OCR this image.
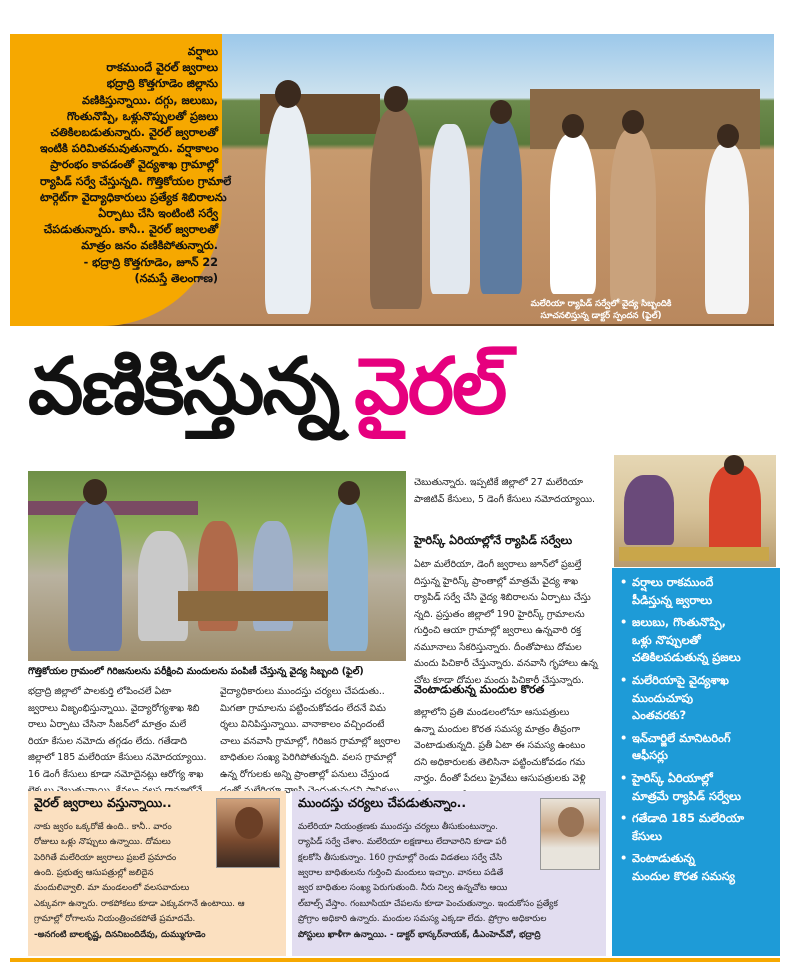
వర్షాలు
రాకముందే వైరల్ జ్వరాలు
భద్రాద్రి కొత్తగూడెం జిల్లాను
వణికిస్తున్నాయి. దగ్గు, జలుబు,
గొంతునొప్పి, ఒళ్లునొప్పులతో ప్రజలు
చతికిలబడుతున్నారు. వైరల్ జ్వరాలతో
ఇంటికి పరిమితమవుతున్నారు. వర్షాకాలం
ప్రారంభం కావడంతో వైద్యశాఖ గ్రామాల్లో
ర్యాపిడ్ సర్వే చేస్తున్నది. గొత్తికోయల గ్రామాలే
టార్గెట్‌గా వైద్యాధికారులు ప్రత్యేక శిబిరాలను
ఏర్పాటు చేసి ఇంటింటి సర్వే
చేపడుతున్నారు. కానీ.. వైరల్ జ్వరాలతో
మాత్రం జనం వణికిపోతున్నారు.
- భద్రాద్రి కొత్తగూడెం, జూన్ 22
(నమస్తే తెలంగాణ)
మలేరియా ర్యాపిడ్ సర్వేలో వైద్య సిబ్బందికి
సూచనలిస్తున్న డాక్టర్ స్పందన (ఫైల్)
వణికిస్తున్న వైరల్
గొత్తికోయల గ్రామంలో గిరిజనులను పరీక్షించి మందులను పంపిణీ చేస్తున్న వైద్య సిబ్బంది (ఫైల్)
• వర్షాలు రాకముందే
పీడిస్తున్న జ్వరాలు
• జలుబు, గొంతునొప్పి,
ఒళ్లు నొప్పులతో
చతికిలపడుతున్న ప్రజలు
• మలేరియాపై వైద్యశాఖ
ముందుచూపు
ఎంతవరకు?
• ఇన్‌చార్జిలే మానిటరింగ్
ఆఫీసర్లు
• హైరిస్క్ ఏరియాల్లో
మాత్రమే ర్యాపిడ్ సర్వేలు
• గతేడాది 185 మలేరియా
కేసులు
• వెంటాడుతున్న
మందుల కొరత సమస్య
భద్రాద్రి జిల్లాలో పాలకుర్తి లోపించలే ఏటా
జ్వరాలు విజృంభిస్తున్నాయి. వైద్యారోగ్యశాఖ శిబి
రాలు ఏర్పాటు చేసినా సీజన్‌లో మాత్రం మలే
రియా కేసుల నమోదు తగ్గడం లేదు. గతేడాది
జిల్లాలో 185 మలేరియా కేసులు నమోదయ్యాయి.
16 డెంగీ కేసులు కూడా నమోదైనట్లు ఆరోగ్య శాఖ
వైద్యాధికారులు ముందస్తు చర్యలు చేపడుతు..
మిగతా గ్రామాలను పట్టించుకోవడం లేదనే విమ
ర్శలు వినిపిస్తున్నాయి. వానాకాలం వచ్చిందంటే
చాలు వనవాసి గ్రామాల్లో, గిరిజన గ్రామాల్లో జ్వరాల
బాధితుల సంఖ్య పెరిగిపోతున్నది. వలస గ్రామాల్లో
ఉన్న రోగులకు అన్ని ప్రాంతాల్లో పనులు చేస్తుండ
చెబుతున్నారు. ఇప్పటికే జిల్లాలో 27 మలేరియా
పాజిటివ్ కేసులు, 5 డెంగీ కేసులు నమోదయ్యాయి.
హైరిస్క్ ఏరియాల్లోనే ర్యాపిడ్ సర్వేలు
ఏటా మలేరియా, డెంగీ జ్వరాలు జూన్‌లో ప్రబల్తే
దిస్తున్న హైరిస్క్ ప్రాంతాల్లో మాత్రమే వైద్య శాఖ
ర్యాపిడ్ సర్వే చేసి వైద్య శిబిరాలను ఏర్పాటు చేస్తు
న్నది. ప్రస్తుతం జిల్లాలో 190 హైరిస్క్ గ్రామాలను
గుర్తించి ఆయా గ్రామాల్లో జ్వరాలు ఉన్నవారి రక్త
నమూనాలు సేకరిస్తున్నారు. దీంతోపాటు దోమల
మందు పిచికారీ చేస్తున్నారు. వనవాసి గృహాలు ఉన్న
చోట కూడా దోమల మందు పిచికారీ చేస్తున్నారు.
వెంటాడుతున్న మందుల కొరత
జిల్లాలోని ప్రతి మండలంలోనూ ఆసుపత్రులు
ఉన్నా మందుల కొరత సమస్య మాత్రం తీవ్రంగా
వెంటాడుతున్నది. ప్రతీ ఏటా ఈ సమస్య ఉంటుం
దని అధికారులకు తెలిసినా పట్టించుకోవడం గమ
నార్హం. దీంతో పేదలు ప్రైవేటు ఆసుపత్రులకు వెళ్లి
వైరల్ జ్వరాలు వస్తున్నాయి..
నాకు జ్వరం ఒక్కరోజే ఉంది.. కానీ.. వారం
రోజులు ఒళ్లు నొప్పులు ఉన్నాయి. దోమలు
పెరిగితే మలేరియా జ్వరాలు ప్రబలే ప్రమాదం
ఉంది. ప్రభుత్వ ఆసుపత్రుల్లో జలిదైన
మందులివ్వాలి. మా మండలంలో వలసవాదులు
ఎక్కువగా ఉన్నారు. రాకపోకలు కూడా ఎక్కువగానే ఉంటాయి. ఆ
గ్రామాల్లో రోగాలను నియంత్రించకపోతే ప్రమాదమే.
-అనగంటి బాలకృష్ణ, దిననిబందిదేవు, దుమ్ముగూడెం
ముందస్తు చర్యలు చేపడుతున్నాం..
మలేరియా నియంత్రణకు ముందస్తు చర్యలు తీసుకుంటున్నాం.
ర్యాపిడ్ సర్వే చేశాం. మలేరియా లక్షణాలు లేదావారిని కూడా పరీ
క్షలకోసి తీసుకున్నాం. 160 గ్రామాల్లో రెండు విడతలు సర్వే చేసి
జ్వరాల బాధితులను గుర్తించి మందులు ఇచ్చాం. వానలు పడితే
జ్వర బాధితుల సంఖ్య పెరుగుతుంది. నీరు నిల్వ ఉన్నచోట ఆయి
ల్‌బాల్స్ వేస్తాం. గంబూసియా చేపలను కూడా పెంచుతున్నాం. ఇందుకోసం ప్రత్యేక
ప్రోగ్రాం అధికారి ఉన్నారు. మందుల సమస్య ఎక్కడా లేదు. ప్రోగ్రాం అధికారుల
పోస్టులు ఖాళీగా ఉన్నాయి. - డాక్టర్ భాస్కర్‌నాయక్, డీఎంహెచ్‌వో, భద్రాద్రి
